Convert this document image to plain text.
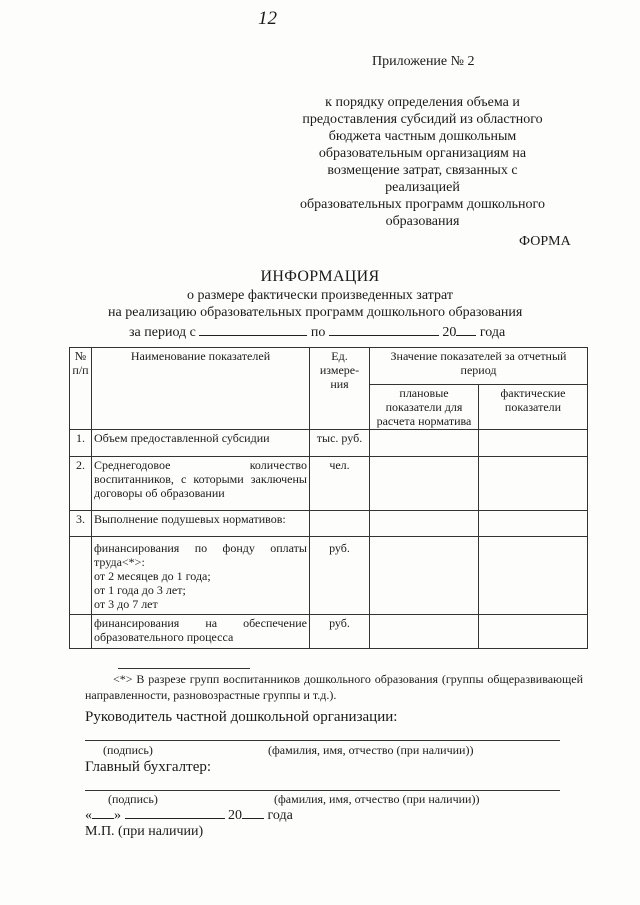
12
Приложение № 2
к порядку определения объема и
предоставления субсидий из областного
бюджета частным дошкольным
образовательным организациям на
возмещение затрат, связанных с реализацией
образовательных программ дошкольного
образования
ФОРМА
ИНФОРМАЦИЯ
о размере фактически произведенных затрат
на реализацию образовательных программ дошкольного образования
за период с	по	20 года
№ п/п	Наименование показателей	Ед. измере-ния	Значение показателей за отчетный период	
			плановые показатели для расчета норматива	фактические показатели
1.	Объем предоставленной субсидии	тыс. руб.		
2.	Среднегодовое количество воспитанников, с которыми заключены договоры об образовании	чел.		
3.	Выполнение подушевых нормативов:			

	финансирования по фонду оплаты труда<*>:
от 2 месяцев до 1 года;
от 1 года до 3 лет;
от 3 до 7 лет	руб.		
	финансирования на обеспечение образовательного процесса	руб.		
<*> В разрезе групп воспитанников дошкольного образования (группы общеразвивающей направленности, разновозрастные группы и т.д.).
Руководитель частной дошкольной организации:
(подпись)	(фамилия, имя, отчество (при наличии))
Главный бухгалтер:
(подпись)	(фамилия, имя, отчество (при наличии))
« »	20 года
М.П. (при наличии)
